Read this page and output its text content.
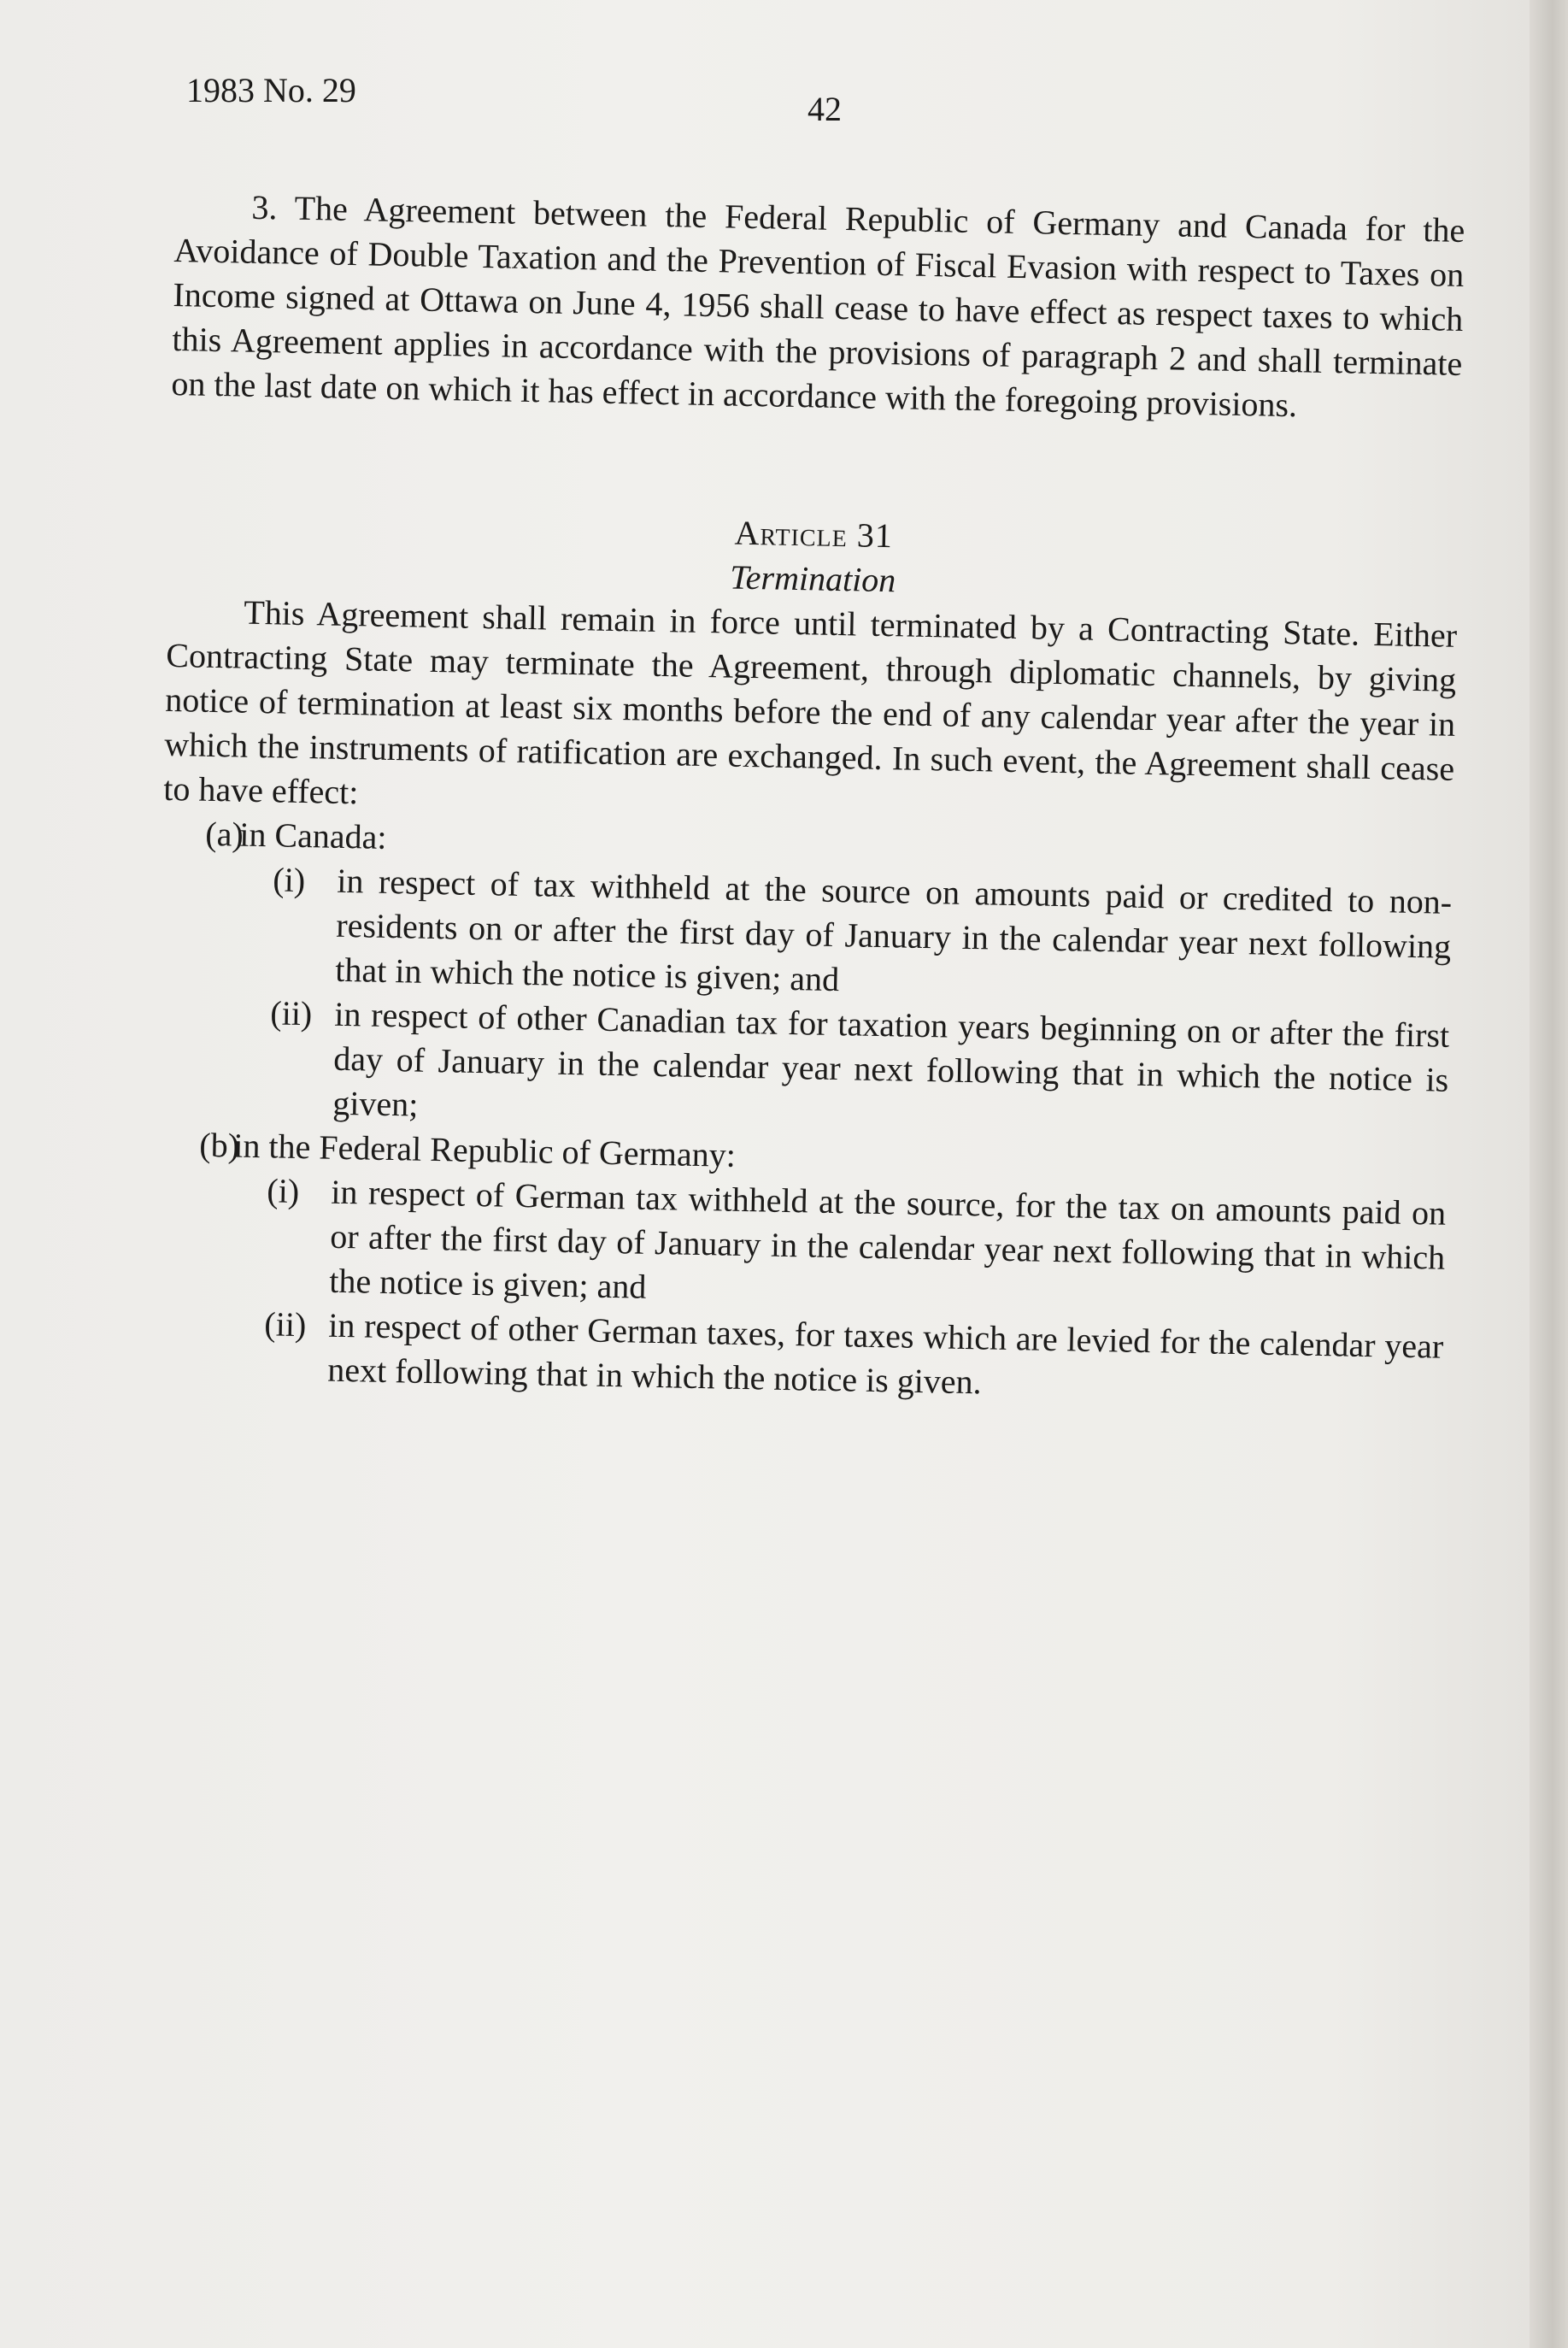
1983 No. 29	42

3. The Agreement between the Federal Republic of Germany and Canada for the Avoidance of Double Taxation and the Prevention of Fiscal Evasion with respect to Taxes on Income signed at Ottawa on June 4, 1956 shall cease to have effect as respect taxes to which this Agreement applies in accordance with the provisions of paragraph 2 and shall terminate on the last date on which it has effect in accordance with the foregoing provisions.

Article 31
Termination

This Agreement shall remain in force until terminated by a Contracting State. Either Contracting State may terminate the Agreement, through diplomatic channels, by giving notice of termination at least six months before the end of any calendar year after the year in which the instruments of ratification are exchanged. In such event, the Agreement shall cease to have effect:

(a)
in Canada:
(i) in respect of tax withheld at the source on amounts paid or credited to non-residents on or after the first day of January in the calendar year next following that in which the notice is given; and
(ii) in respect of other Canadian tax for taxation years beginning on or after the first day of January in the calendar year next following that in which the notice is given;
(b)
in the Federal Republic of Germany:
(i) in respect of German tax withheld at the source, for the tax on amounts paid on or after the first day of January in the calendar year next following that in which the notice is given; and
(ii) in respect of other German taxes, for taxes which are levied for the calendar year next following that in which the notice is given.
